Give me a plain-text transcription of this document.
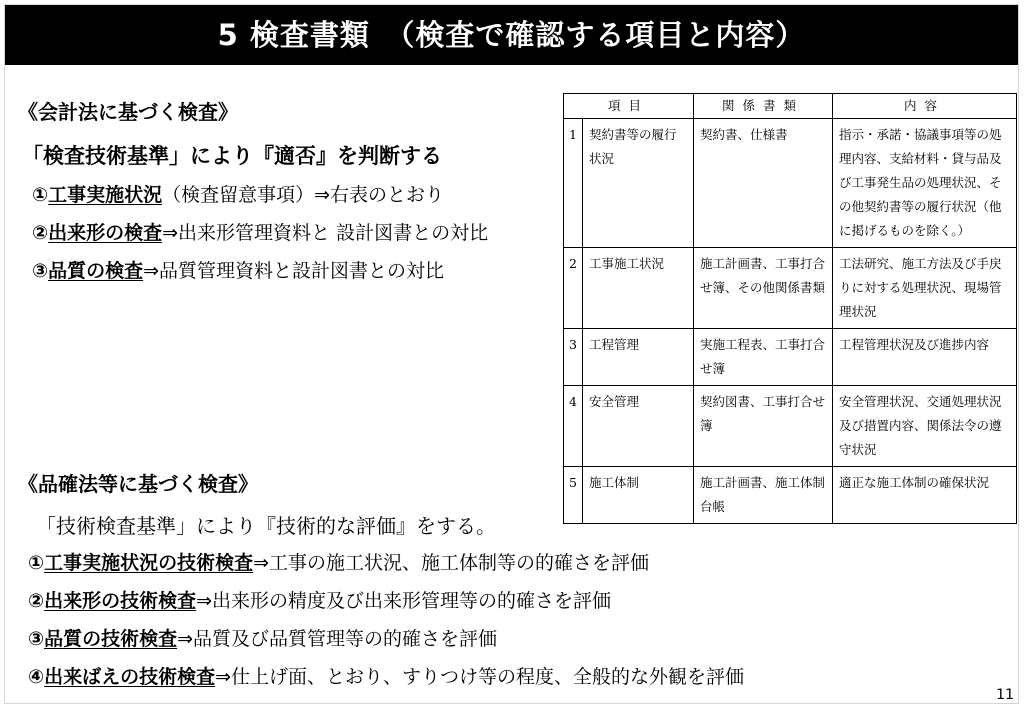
5 検査書類　（検査で確認する項目と内容）
《会計法に基づく検査》
「検査技術基準」により『適否』を判断する
①工事実施状況（検査留意事項）⇒右表のとおり
②出来形の検査⇒出来形管理資料と 設計図書との対比
③品質の検査⇒品質管理資料と設計図書との対比
項目		関係書類	内容
1	契約書等の履行状況	契約書、仕様書	指示・承諾・協議事項等の処理内容、支給材料・貸与品及び工事発生品の処理状況、その他契約書等の履行状況（他に掲げるものを除く。）
2	工事施工状況	施工計画書、工事打合せ簿、その他関係書類	工法研究、施工方法及び手戻りに対する処理状況、現場管理状況
3	工程管理	実施工程表、工事打合せ簿	工程管理状況及び進捗内容
4	安全管理	契約図書、工事打合せ簿	安全管理状況、交通処理状況及び措置内容、関係法令の遵守状況
5	施工体制	施工計画書、施工体制台帳	適正な施工体制の確保状況
《品確法等に基づく検査》
「技術検査基準」により『技術的な評価』をする。
①工事実施状況の技術検査⇒工事の施工状況、施工体制等の的確さを評価
②出来形の技術検査⇒出来形の精度及び出来形管理等の的確さを評価
③品質の技術検査⇒品質及び品質管理等の的確さを評価
④出来ばえの技術検査⇒仕上げ面、とおり、すりつけ等の程度、全般的な外観を評価
11
